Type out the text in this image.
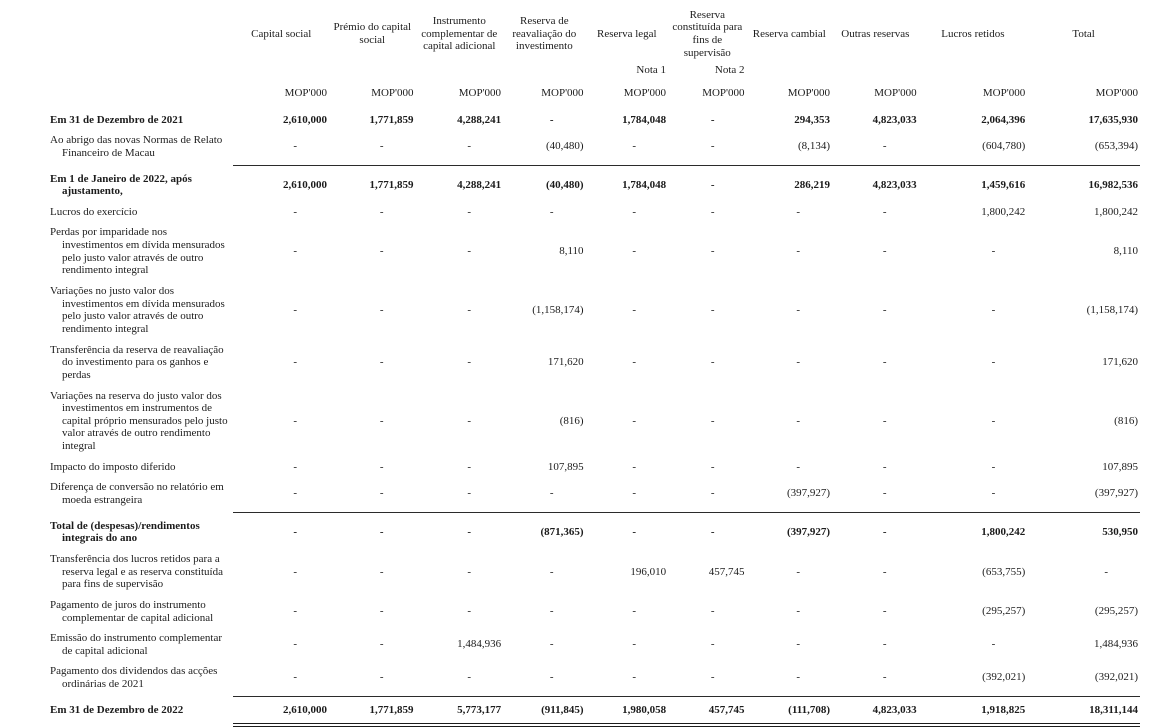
	Capital social	Prémio do capital social	Instrumento complementar de capital adicional	Reserva de reavaliação do investimento	Reserva legal	Reserva constituída para fins de supervisão	Reserva cambial	Outras reservas	Lucros retidos	Total
					Nota 1	Nota 2				
	MOP'000	MOP'000	MOP'000	MOP'000	MOP'000	MOP'000	MOP'000	MOP'000	MOP'000	MOP'000
Em 31 de Dezembro de 2021	2,610,000	1,771,859	4,288,241	-	1,784,048	-	294,353	4,823,033	2,064,396	17,635,930
Ao abrigo das novas Normas de Relato Financeiro de Macau	-	-	-	(40,480)	-	-	(8,134)	-	(604,780)	(653,394)
Em 1 de Janeiro de 2022, após ajustamento,	2,610,000	1,771,859	4,288,241	(40,480)	1,784,048	-	286,219	4,823,033	1,459,616	16,982,536
Lucros do exercício	-	-	-	-	-	-	-	-	1,800,242	1,800,242
Perdas por imparidade nos investimentos em dívida mensurados pelo justo valor através de outro rendimento integral	-	-	-	8,110	-	-	-	-	-	8,110
Variações no justo valor dos investimentos em dívida mensurados pelo justo valor através de outro rendimento integral	-	-	-	(1,158,174)	-	-	-	-	-	(1,158,174)
Transferência da reserva de reavaliação do investimento para os ganhos e perdas	-	-	-	171,620	-	-	-	-	-	171,620
Variações na reserva do justo valor dos investimentos em instrumentos de capital próprio mensurados pelo justo valor através de outro rendimento integral	-	-	-	(816)	-	-	-	-	-	(816)
Impacto do imposto diferido	-	-	-	107,895	-	-	-	-	-	107,895
Diferença de conversão no relatório em moeda estrangeira	-	-	-	-	-	-	(397,927)	-	-	(397,927)
Total de (despesas)/rendimentos integrais do ano	-	-	-	(871,365)	-	-	(397,927)	-	1,800,242	530,950
Transferência dos lucros retidos para a reserva legal e as reserva constituída para fins de supervisão	-	-	-	-	196,010	457,745	-	-	(653,755)	-
Pagamento de juros do instrumento complementar de capital adicional	-	-	-	-	-	-	-	-	(295,257)	(295,257)
Emissão do instrumento complementar de capital adicional	-	-	1,484,936	-	-	-	-	-	-	1,484,936
Pagamento dos dividendos das acções ordinárias de 2021	-	-	-	-	-	-	-	-	(392,021)	(392,021)
Em 31 de Dezembro de 2022	2,610,000	1,771,859	5,773,177	(911,845)	1,980,058	457,745	(111,708)	4,823,033	1,918,825	18,311,144
